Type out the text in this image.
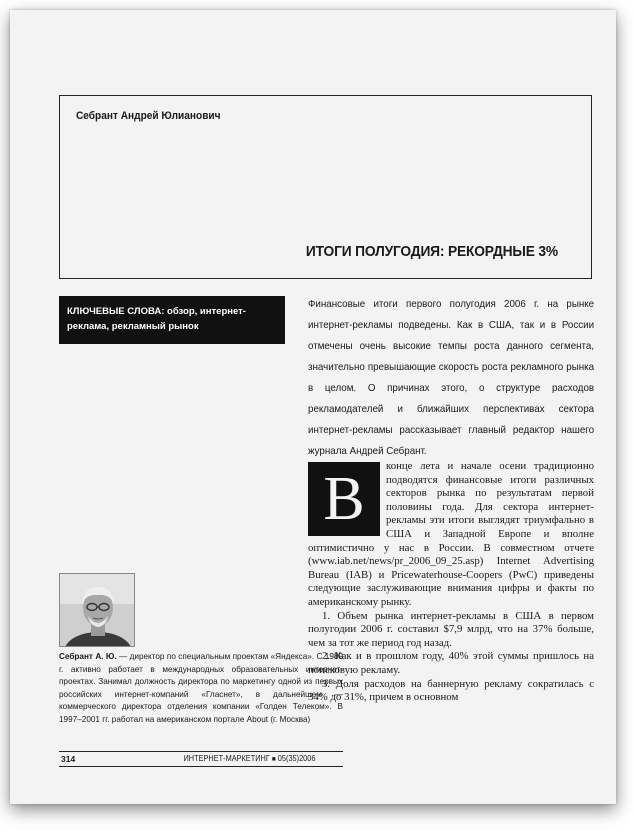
Себрант Андрей Юлианович
ИТОГИ ПОЛУГОДИЯ: РЕКОРДНЫЕ 3%
КЛЮЧЕВЫЕ СЛОВА: обзор, интернет-реклама, рекламный рынок

Финансовые итоги первого полугодия 2006 г. на рынке интернет-рекламы подведены. Как в США, так и в России отмечены очень высокие темпы роста данного сегмента, значительно превышающие скорость роста рекламного рынка в целом. О причинах этого, о структуре расходов рекламодателей и ближайших перспективах сектора интернет-рекламы рассказывает главный редактор нашего журнала Андрей Себрант.

конце лета и начале осени традиционно подводятся финансовые итоги различных секторов рынка по результатам первой половины года. Для сектора интернет-рекламы эти итоги выглядят триумфально в США и Западной Европе и вполне оптимистично у нас в России. В совместном отчете (www.iab.net/news/pr_2006_09_25.asp) Internet Advertising Bureau (IAB) и Pricewaterhouse-Coopers (PwC) приведены следующие заслуживающие внимания цифры и факты по американскому рынку.

1. Объем рынка интернет-рекламы в США в первом полугодии 2006 г. составил $7,9 млрд, что на 37% больше, чем за тот же период год назад.

2. Как и в прошлом году, 40% этой суммы пришлось на поисковую рекламу.

3. Доля расходов на баннерную рекламу сократилась с 34% до 31%, причем в основном

В
Себрант А. Ю. — директор по специальным проектам «Яндекса». С 1989 г. активно работает в международных образовательных интернет-проектах. Занимал должность директора по маркетингу одной из первых российских интернет-компаний «Гласнет», в дальнейшем — коммерческого директора отделения компании «Голден Телеком». В 1997–2001 гг. работал на американском портале About (г. Москва)
314	ИНТЕРНЕТ-МАРКЕТИНГ ■ 05(35)2006
